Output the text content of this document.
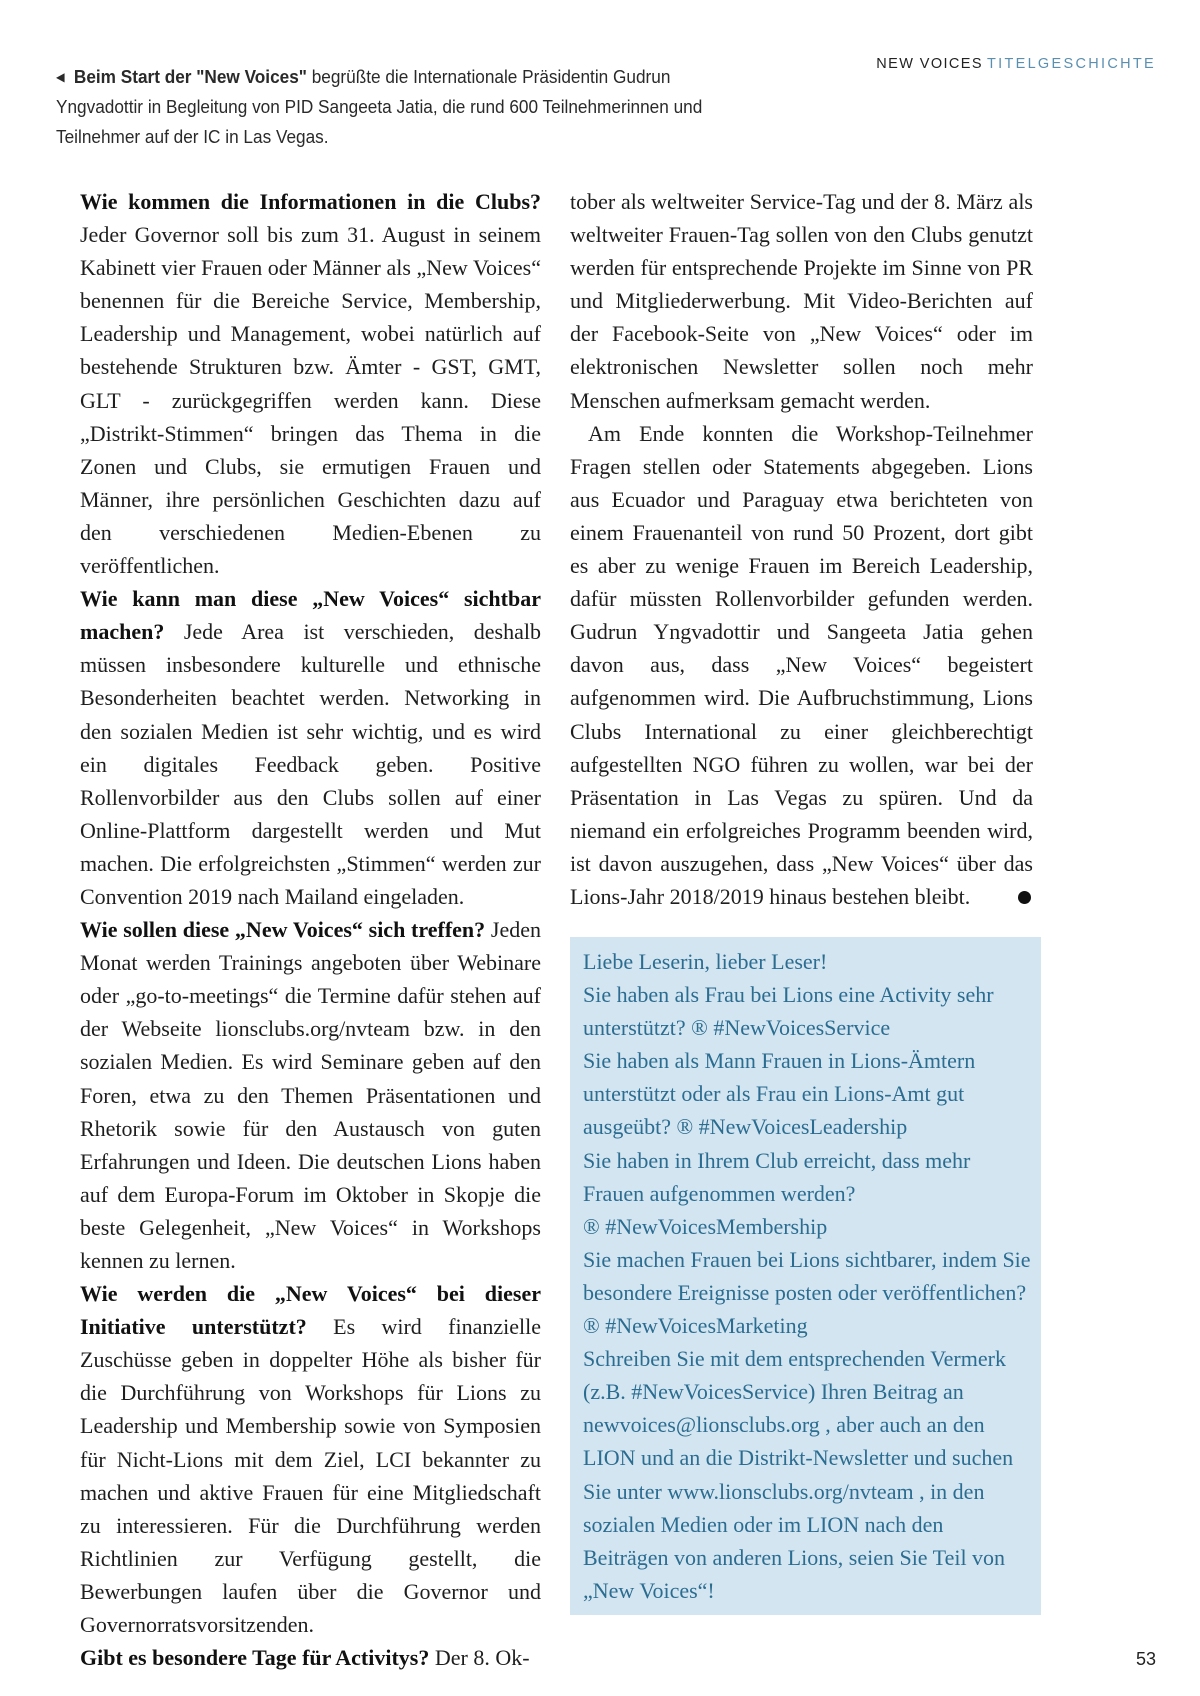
◀ Beim Start der "New Voices" begrüßte die Internationale Präsidentin Gudrun Yngvadottir in Begleitung von PID Sangeeta Jatia, die rund 600 Teilnehmerinnen und Teilnehmer auf der IC in Las Vegas.
NEW VOICES TITELGESCHICHTE

Wie kommen die Informationen in die Clubs? Jeder Governor soll bis zum 31. August in seinem Kabinett vier Frauen oder Männer als „New Voices“ benennen für die Bereiche Service, Membership, Leadership und Management, wobei natürlich auf bestehende Strukturen bzw. Ämter - GST, GMT, GLT - zurückgegriffen werden kann. Diese „Distrikt-Stimmen“ bringen das Thema in die Zonen und Clubs, sie ermutigen Frauen und Männer, ihre persönlichen Geschichten dazu auf den verschiedenen Medien-Ebenen zu veröffentlichen.

Wie kann man diese „New Voices“ sichtbar machen? Jede Area ist verschieden, deshalb müssen insbesondere kulturelle und ethnische Besonderheiten beachtet werden. Networking in den sozialen Medien ist sehr wichtig, und es wird ein digitales Feedback geben. Positive Rollenvorbilder aus den Clubs sollen auf einer Online-Plattform dargestellt werden und Mut machen. Die erfolgreichsten „Stimmen“ werden zur Convention 2019 nach Mailand eingeladen.

Wie sollen diese „New Voices“ sich treffen? Jeden Monat werden Trainings angeboten über Webinare oder „go-to-meetings“ die Termine dafür stehen auf der Webseite lionsclubs.org/nvteam bzw. in den sozialen Medien. Es wird Seminare geben auf den Foren, etwa zu den Themen Präsentationen und Rhetorik sowie für den Austausch von guten Erfahrungen und Ideen. Die deutschen Lions haben auf dem Europa-Forum im Oktober in Skopje die beste Gelegenheit, „New Voices“ in Workshops kennen zu lernen.

Wie werden die „New Voices“ bei dieser Initiative unterstützt? Es wird finanzielle Zuschüsse geben in doppelter Höhe als bisher für die Durchführung von Workshops für Lions zu Leadership und Membership sowie von Symposien für Nicht-Lions mit dem Ziel, LCI bekannter zu machen und aktive Frauen für eine Mitgliedschaft zu interessieren. Für die Durchführung werden Richtlinien zur Verfügung gestellt, die Bewerbungen laufen über die Governor und Governorratsvorsitzenden.

Gibt es besondere Tage für Activitys? Der 8. Ok-

tober als weltweiter Service-Tag und der 8. März als weltweiter Frauen-Tag sollen von den Clubs genutzt werden für entsprechende Projekte im Sinne von PR und Mitgliederwerbung. Mit Video-Berichten auf der Facebook-Seite von „New Voices“ oder im elektronischen Newsletter sollen noch mehr Menschen aufmerksam gemacht werden.

Am Ende konnten die Workshop-Teilnehmer Fragen stellen oder Statements abgegeben. Lions aus Ecuador und Paraguay etwa berichteten von einem Frauenanteil von rund 50 Prozent, dort gibt es aber zu wenige Frauen im Bereich Leadership, dafür müssten Rollenvorbilder gefunden werden. Gudrun Yngvadottir und Sangeeta Jatia gehen davon aus, dass „New Voices“ begeistert aufgenommen wird. Die Aufbruchstimmung, Lions Clubs International zu einer gleichberechtigt aufgestellten NGO führen zu wollen, war bei der Präsentation in Las Vegas zu spüren. Und da niemand ein erfolgreiches Programm beenden wird, ist davon auszugehen, dass „New Voices“ über das Lions-Jahr 2018/2019 hinaus bestehen bleibt.	L

Liebe Leserin, lieber Leser!

Sie haben als Frau bei Lions eine Activity sehr unterstützt? ® #NewVoicesService

Sie haben als Mann Frauen in Lions-Ämtern unterstützt oder als Frau ein Lions-Amt gut ausgeübt? ® #NewVoicesLeadership

Sie haben in Ihrem Club erreicht, dass mehr Frauen aufgenommen werden?

® #NewVoicesMembership

Sie machen Frauen bei Lions sichtbarer, indem Sie besondere Ereignisse posten oder veröffentlichen? ® #NewVoicesMarketing

Schreiben Sie mit dem entsprechenden Vermerk (z.B. #NewVoicesService) Ihren Beitrag an newvoices@lionsclubs.org , aber auch an den LION und an die Distrikt-Newsletter und suchen Sie unter www.lionsclubs.org/nvteam , in den sozialen Medien oder im LION nach den Beiträgen von anderen Lions, seien Sie Teil von „New Voices“!

53
